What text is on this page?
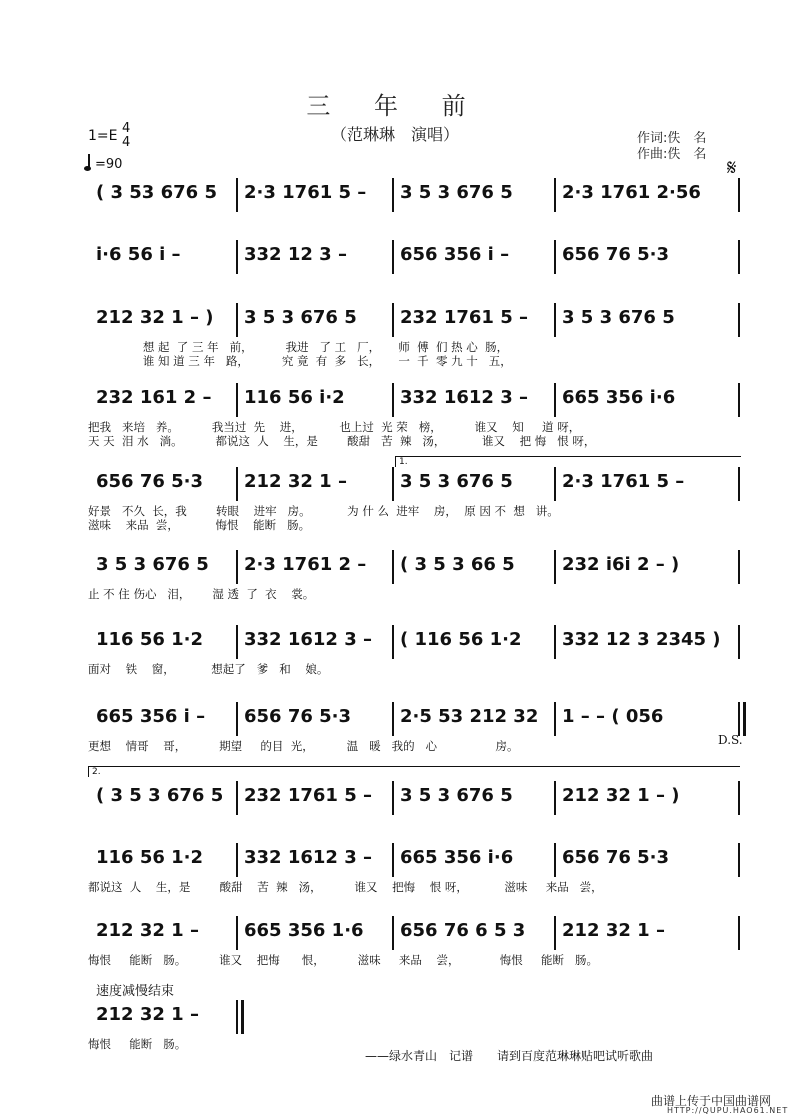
三 年 前
（范琳琳　演唱）	作词:佚　名
作曲:佚　名
1=E 4
4
=90	𝄋
( 3 53 676 5 2·3 1761 5 – 3 5 3 676 5	2·3 1761 2·56
i·6 56 i –	332 12 3 –	656 356 i –	656 76 5·3
212 32 1 – ) 3 5 3 676 5 232 1761 5 – 3 5 3 676 5
想 起  了 三 年   前，         我进   了 工   厂，     师  傅  们 热 心  肠，
谁 知 道 三 年   路，         究 竟  有  多   长，     一  千  零 九 十   五，
232 161 2 – 116 56 i·2	332 1612 3 – 665 356 i·6
把我   来培   养。         我当过  先    进，          也上过  光 荣   榜，         谁又    知     道 呀，
天 天  泪 水   淌。         都说这  人    生，是        酸甜   苦  辣   汤，          谁又    把 悔   恨 呀，
656 76 5·3 212 32 1 –	3 5 3 676 5	2·3 1761 5 –
好景   不久  长，我        转眼    进牢   房。          为 什 么  进牢    房，  原 因 不  想   讲。
滋味    来品  尝，          悔恨    能断   肠。
3 5 3 676 5 2·3 1761 2 – ( 3 5 3 66 5	232 i6i 2 – )
止 不 住 伤心   泪，      湿 透  了  衣    裳。
116 56 1·2 332 1612 3 – ( 116 56 1·2 332 12 3 2345 )
面对    铁    窗，          想起了   爹   和    娘。
665 356 i – 656 76 5·3	2·5 53 212 32 1 – – ( 056
更想    情哥    哥，         期望     的目  光，         温   暖   我的   心                房。
( 3 5 3 676 5 232 1761 5 – 3 5 3 676 5	212 32 1 – )
116 56 1·2 332 1612 3 – 665 356 i·6	656 76 5·3
都说这  人    生，是        酸甜    苦  辣   汤，         谁又    把悔    恨 呀，          滋味     来品   尝，
212 32 1 –	665 356 1·6 656 76 6 5 3 212 32 1 –
悔恨     能断   肠。         谁又    把悔      恨，         滋味     来品    尝，           悔恨     能断   肠。
212 32 1 –
悔恨     能断   肠。
1.
2.
D.S.
速度减慢结束
——绿水青山　记谱　　请到百度范琳琳贴吧试听歌曲
曲谱上传于中国曲谱网
HTTP://QUPU.HAO61.NET
